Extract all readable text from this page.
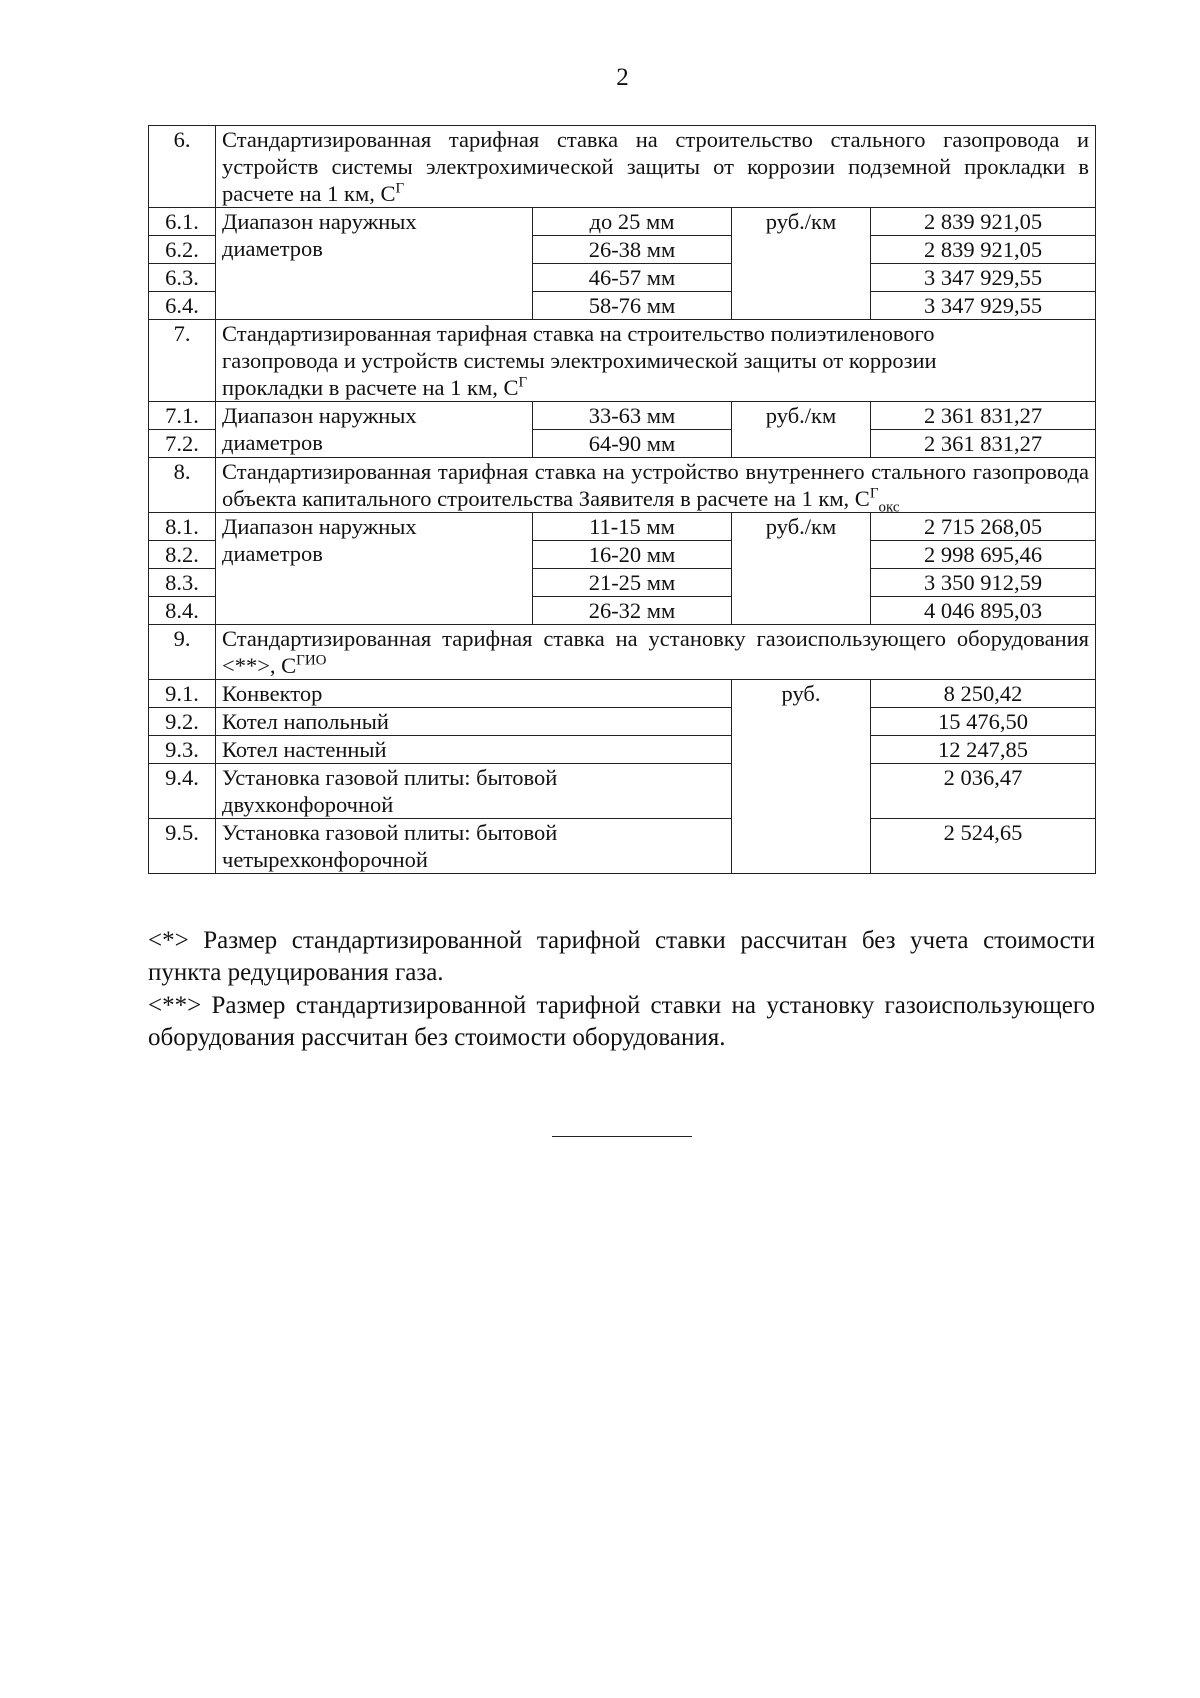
2
6.	Стандартизированная тарифная ставка на строительство стального газопровода и устройств системы электрохимической защиты от коррозии подземной прокладки в расчете на 1 км, $С^Г$
6.1.	Диапазон наружных диаметров	до 25 мм	руб./км	2 839 921,05
6.2.		26-38 мм		2 839 921,05
6.3.		46-57 мм		3 347 929,55
6.4.		58-76 мм		3 347 929,55
7.	Стандартизированная тарифная ставка на строительство полиэтиленового газопровода и устройств системы электрохимической защиты от коррозии прокладки в расчете на 1 км, $С^Г$
7.1.	Диапазон наружных диаметров	33-63 мм	руб./км	2 361 831,27
7.2.		64-90 мм		2 361 831,27
8.	Стандартизированная тарифная ставка на устройство внутреннего стального газопровода объекта капитального строительства Заявителя в расчете на 1 км, $С^Г_{окс}$
8.1.	Диапазон наружных диаметров	11-15 мм	руб./км	2 715 268,05
8.2.		16-20 мм		2 998 695,46
8.3.		21-25 мм		3 350 912,59
8.4.		26-32 мм		4 046 895,03
9.	Стандартизированная тарифная ставка на установку газоиспользующего оборудования <**>, $С^{ГИО}$
9.1.	Конвектор		руб.	8 250,42
9.2.	Котел напольный			15 476,50
9.3.	Котел настенный			12 247,85
9.4.	Установка газовой плиты: бытовой двухконфорочной			2 036,47
9.5.	Установка газовой плиты: бытовой четырехконфорочной			2 524,65
<*> Размер стандартизированной тарифной ставки рассчитан без учета стоимости пункта редуцирования газа.
<**> Размер стандартизированной тарифной ставки на установку газоиспользующего оборудования рассчитан без стоимости оборудования.
